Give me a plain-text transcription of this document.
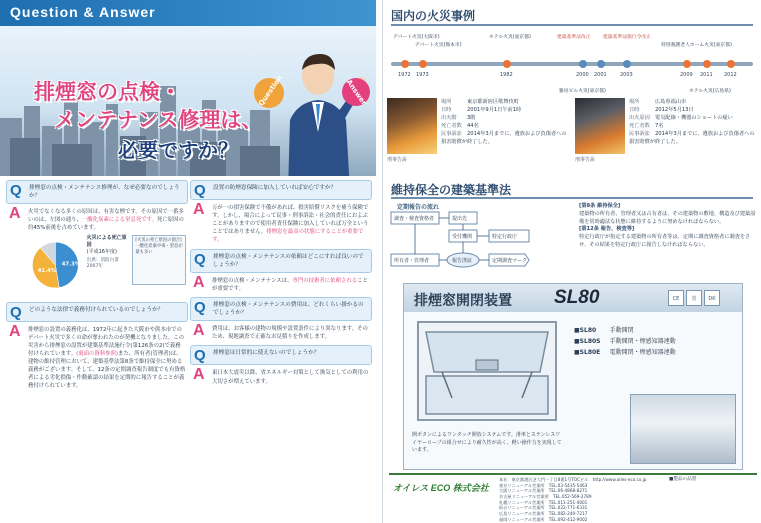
Question & Answer
排煙窓の点検・
メンテナンス修理は、
必要ですか？
Question	Answer
Q 排煙窓の点検・メンテナンス修理が、なぜ必要なのでしょうか？
A 火災でなくなる多くの原因は、有害な煙です。その原因で一番多いのは、左図の通り、一酸化炭素による窒息死です。死亡原因の約45%前後を占めています。
47.3%
41.4%
火災による死亡原因
(平成16年度)
出典：消防白書2007年
[火災の死亡原因の割合]　一酸化炭素中毒・窒息が最も多い
Q どのような法律で義務付けられているのでしょうか？
A 排煙窓の設置の義務化は、1972年に起きた大阪市や熊本市でのデパート火災で多くの命が奪われたのが契機となりました。この災害から排煙窓の設置が建築基準法施行令(第126条の2)で義務付けられています。(裏面の資料参照)また、所有者(管理者)は、建物の維持管理において、建築基準法第8条で維持保全に努める義務がございます。そして、12条の定期調査報告制度でも有資格者による劣化損傷・作動確認の結果を定期的に報告することが義務付けられています。
Q 設置の防煙窓保険に加入していれば安心ですか？
A 万が一の損害保険で不備があれば、損害賠償リスクを補う保険です。しかし、場合によって民事・刑事訴訟・社会的責任におよぶことがありますので使用者責任保険に加入していれば万全ということではありません。排煙窓を最高の状態にすることが重要です。
Q 排煙窓の点検・メンテナンスの依頼はどこにすれば良いのでしょうか？
A 排煙窓の点検・メンテナンスは、専門の技術者に依頼されることが重要です。
Q 排煙窓の点検・メンテナンスの費用は、どれくらい掛かるのでしょうか？
A 費用は、お客様の建物の規模や設置条件により異なります。そのため、現地調査で正確なお見積りを作成します。
Q 排煙窓は日常的に使えないのでしょうか？
A 東日本大震災以降、省エネルギー対策として換気としての利用の大切さが増えています。
国内の火災事例
1972 1973	1982	2000 2001	2003	2009 2011 2012
デパート火災(大阪市)
デパート火災(熊本市)
ホテル火災(東京都)	建築基準法改正	建築基準法施行令改正
特別養護老人ホーム火災(東京都)
雑居ビル火災(東京都)	ホテル火災(広島県)
場所	東京都新宿区歌舞伎町
日時	2001年9月1日午前1時
出火階 3階
死亡者数 44名
民事訴訟 2014年3月までに、遺族および負傷者への損害賠償が終了した。
刑事告訴
場所	広島県福山市
日時	2012年5月13日
出火原因 電気配線・機器のショートの疑い
死亡者数 7名
民事訴訟 2014年3月までに、遺族および負傷者への損害賠償が終了した。
刑事告訴
維持保全の建築基準法
定期報告の流れ
調査・検査資格者
所有者・管理者
提出先
受付機関	特定行政庁
報告済証	定期調査マーク
[第8条 維持保全]
建築物の所有者、管理者又は占有者は、その建築物の敷地、構造及び建築設備を常時適法な状態に維持するように努めなければならない。
[第12条 報告、検査等]
特定行政庁が指定する建築物の所有者等は、定期に調査資格者に調査をさせ、その結果を特定行政庁に報告しなければならない。
排煙窓開閉装置 SL80	CE	省	DK
■SL80 手動開閉
■SL80S 手動開閉・煙感知器連動
■SL80E 電動開閉・煙感知器連動
開ボタンによるワンタッチ開放システムです。滑車とステンレスワイヤーロープの組合せにより耐久性が高く、軽い操作力を実現しています。
オイレス ECO 株式会社
■製品の品質
本社：東京都港区芝大門一丁目8番1号TOCビル　http://www.oiles-eco.co.jp
東京リニューアル営業所　TEL.03-5435-5463
大阪リニューアル営業所　TEL.06-4868-8271
名古屋リニューアル営業所　TEL.052-569-2789
札幌リニューアル営業所　TEL.011-251-4001
仙台リニューアル営業所　TEL.022-771-6331
広島リニューアル営業所　TEL.082-240-7217
福岡リニューアル営業所　TEL.092-412-9002
